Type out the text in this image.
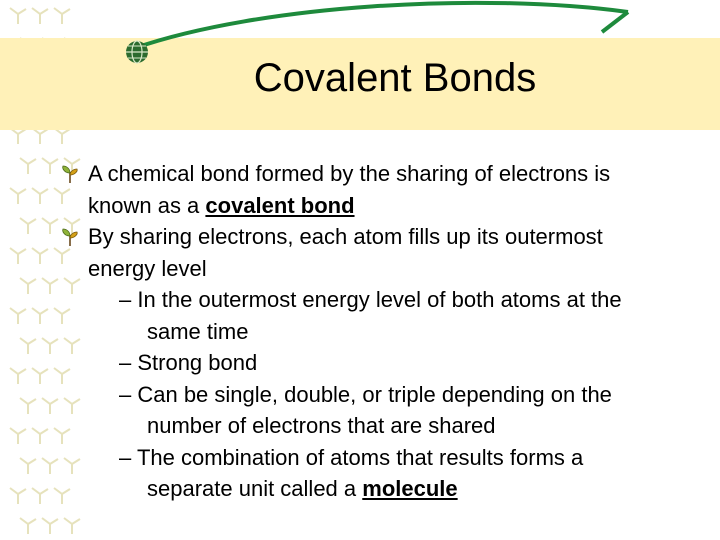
Covalent Bonds
A chemical bond formed by the sharing of electrons is known as a covalent bond
By sharing electrons, each atom fills up its outermost energy level
– In the outermost energy level of both atoms at the same time
– Strong bond
– Can be single, double, or triple depending on the number of electrons that are shared
– The combination of atoms that results forms a separate unit called a molecule
